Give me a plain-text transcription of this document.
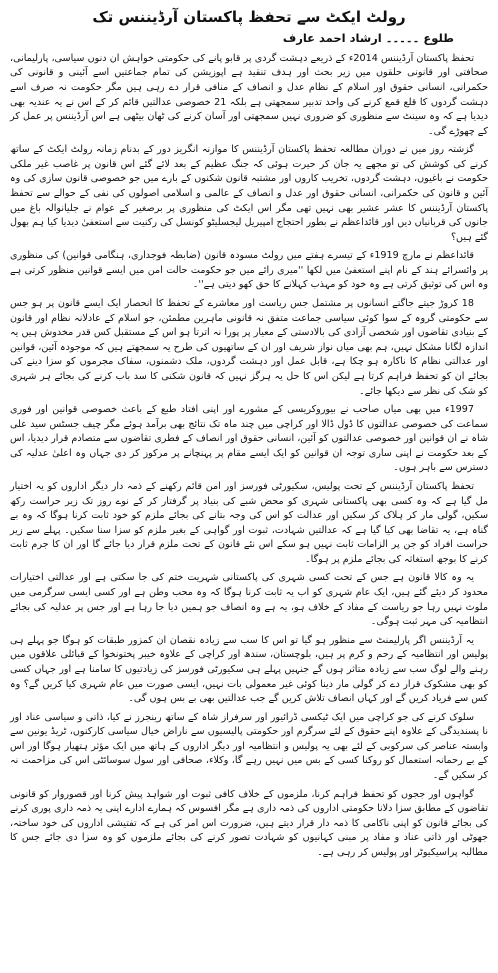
رولٹ ایکٹ سے تحفظ پاکستان آرڈیننس تک
طلوع۔۔۔۔۔ارشاد احمد عارف

تحفظ پاکستان آرڈیننس 2014ء کے ذریعے دہشت گردی پر قابو پانے کی حکومتی خواہش ان دنوں سیاسی، پارلیمانی، صحافتی اور قانونی حلقوں میں زیر بحث اور ہدف تنقید ہے اپوزیشن کی تمام جماعتیں اسے آئینی و قانونی کی حکمرانی، انسانی حقوق اور اسلام کے نظام عدل و انصاف کے منافی قرار دے رہی ہیں مگر حکومت نہ صرف اسے دہشت گردوں کا قلع قمع کرنے کی واحد تدبیر سمجھتی ہے بلکہ 21 خصوصی عدالتیں قائم کر کے اس نے یہ عندیہ بھی دیدیا ہے کہ وہ سینٹ سے منظوری کو ضروری نہیں سمجھتی اور آسان کرنے کی ٹھان بیٹھی ہے اس آرڈیننس پر عمل کر کے چھوڑے گی۔

گزشتہ روز میں نے دوران مطالعہ تحفظ پاکستان آرڈیننس کا موازنہ انگریز دور کے بدنام زمانہ رولٹ ایکٹ کے ساتھ کرنے کی کوشش کی تو مجھے یہ جان کر حیرت ہوئی کہ جنگ عظیم کے بعد لائے گئے اس قانون پر غاصب غیر ملکی حکومت نے باغیوں، دہشت گردوں، تخریب کاروں اور مشتبہ قانون شکنوں کے بارے میں جو خصوصی قانون سازی کی وہ آئین و قانون کی حکمرانی، انسانی حقوق اور عدل و انصاف کے عالمی و اسلامی اصولوں کی نفی کے حوالے سے تحفظ پاکستان آرڈیننس کا عشر عشیر بھی نہیں تھی مگر اس ایکٹ کی منظوری پر برصغیر کے عوام نے جلیانوالہ باغ میں جانوں کی قربانیاں دیں اور قائداعظم نے بطور احتجاج امپیریل لیجسلیٹو کونسل کی رکنیت سے استعفیٰ دیدیا کیا ہم بھول گئے ہیں؟

قائداعظم نے مارچ 1919ء کے تیسرے ہفتے میں رولٹ مسودہ قانون (ضابطہ فوجداری، ہنگامی قوانین) کی منظوری پر وائسرائے ہند کے نام اپنے استعفیٰ میں لکھا ''میری رائے میں جو حکومت حالت امن میں ایسے قوانین منظور کرتی ہے وہ اس کی توثیق کرتی ہے وہ خود کو مہذب کہلانے کا حق کھو دیتی ہے''۔

18 کروڑ جیتے جاگتے انسانوں پر مشتمل جس ریاست اور معاشرے کے تحفظ کا انحصار ایک ایسے قانون پر ہو جس سے حکومتی گروہ کے سوا کوئی سیاسی جماعت متفق نہ قانونی ماہرین مطمئن، جو اسلام کے عادلانہ نظام اور قانون کے بنیادی تقاضوں اور شخصی آزادی کی بالادستی کے معیار پر پورا نہ اترتا ہو اس کے مستقبل کس قدر مخدوش ہیں یہ اندازہ لگانا مشکل نہیں، ہم بھی میاں نواز شریف اور ان کے ساتھیوں کی طرح یہ سمجھتے ہیں کہ موجودہ آئین، قوانین اور عدالتی نظام کا ناکارہ ہو چکا ہے، قابل عمل اور دہشت گردوں، ملک دشمنوں، سفاک مجرموں کو سزا دینے کی بجائے ان کو تحفظ فراہم کرتا ہے لیکن اس کا حل یہ ہرگز نہیں کہ قانون شکنی کا سد باب کرنے کی بجائے ہر شہری کو شک کی نظر سے دیکھا جائے۔

1997ء میں بھی میاں صاحب نے بیوروکریسی کے مشورے اور اپنی افتاد طبع کے باعث خصوصی قوانین اور فوری سماعت کی خصوصی عدالتوں کا ڈول ڈالا اور کراچی میں چند ماہ تک نتائج بھی برآمد ہوئے مگر چیف جسٹس سید علی شاہ نے ان قوانین اور خصوصی عدالتوں کو آئین، انسانی حقوق اور انصاف کے فطری تقاضوں سے متصادم قرار دیدیا، اس کے بعد حکومت نے اپنی ساری توجہ ان قوانین کو ایک ایسے مقام پر پہنچانے پر مرکوز کر دی جہاں وہ اعلیٰ عدلیہ کی دسترس سے باہر ہوں۔

تحفظ پاکستان آرڈیننس کے تحت پولیس، سکیورٹی فورسز اور امن قائم رکھنے کے ذمہ دار دیگر اداروں کو یہ اختیار مل گیا ہے کہ وہ کسی بھی پاکستانی شہری کو محض شبے کی بنیاد پر گرفتار کر کے نوے روز تک زیر حراست رکھ سکیں، گولی مار کر ہلاک کر سکیں اور عدالت کو اس کی وجہ بتانے کی بجائے ملزم کو خود ثابت کرنا ہوگا کہ وہ بے گناہ ہے، یہ تقاضا بھی کیا گیا ہے کہ عدالتیں شہادت، ثبوت اور گواہی کے بغیر ملزم کو سزا سنا سکیں۔ پہلے سے زیر حراست افراد کو جن پر الزامات ثابت نہیں ہو سکے اس نئے قانون کے تحت ملزم قرار دیا جائے گا اور ان کا جرم ثابت کرنے کا بوجھ استغاثہ کی بجائے ملزم پر ہوگا۔

یہ وہ کالا قانون ہے جس کے تحت کسی شہری کی پاکستانی شہریت ختم کی جا سکتی ہے اور عدالتی اختیارات محدود کر دیئے گئے ہیں، ایک عام شہری کو اب یہ ثابت کرنا ہوگا کہ وہ محب وطن ہے اور کسی ایسی سرگرمی میں ملوث نہیں رہا جو ریاست کے مفاد کے خلاف ہو، یہ ہے وہ انصاف جو ہمیں دیا جا رہا ہے اور جس پر عدلیہ کی بجائے انتظامیہ کی مہر ثبت ہوگی۔

یہ آرڈیننس اگر پارلیمنٹ سے منظور ہو گیا تو اس کا سب سے زیادہ نقصان ان کمزور طبقات کو ہوگا جو پہلے ہی پولیس اور انتظامیہ کے رحم و کرم پر ہیں، بلوچستان، سندھ اور کراچی کے علاوہ خیبر پختونخوا کے قبائلی علاقوں میں رہنے والے لوگ سب سے زیادہ متاثر ہوں گے جنہیں پہلے ہی سکیورٹی فورسز کی زیادتیوں کا سامنا ہے اور جہاں کسی کو بھی مشکوک قرار دے کر گولی مار دینا کوئی غیر معمولی بات نہیں، ایسی صورت میں عام شہری کیا کریں گے؟ وہ کس سے فریاد کریں گے اور کہاں انصاف تلاش کریں گے جب عدالتیں بھی بے بس ہوں گی۔

سلوک کرنے کی جو کراچی میں ایک ٹیکسی ڈرائیور اور سرفراز شاہ کے ساتھ رینجرز نے کیا، ذاتی و سیاسی عناد اور نا پسندیدگی کے علاوہ اپنے حقوق کے لئے سرگرم اور حکومتی پالیسیوں سے ناراض خیال سیاسی کارکنوں، ٹریڈ یونین سے وابستہ عناصر کی سرکوبی کے لئے بھی یہ پولیس و انتظامیہ اور دیگر اداروں کے ہاتھ میں ایک مؤثر ہتھیار ہوگا اور اس کے بے رحمانہ استعمال کو روکنا کسی کے بس میں نہیں رہے گا، وکلاء، صحافی اور سول سوسائٹی اس کی مزاحمت نہ کر سکیں گے۔

گواہوں اور ججوں کو تحفظ فراہم کرنا، ملزموں کے خلاف کافی ثبوت اور شواہد پیش کرنا اور قصوروار کو قانونی تقاضوں کے مطابق سزا دلانا حکومتی اداروں کی ذمہ داری ہے مگر افسوس کہ ہمارے ادارے اپنی یہ ذمہ داری پوری کرنے کی بجائے قانون کو اپنی ناکامی کا ذمہ دار قرار دیتے ہیں، ضرورت اس امر کی ہے کہ تفتیشی اداروں کی خود ساختہ، جھوٹی اور ذاتی عناد و مفاد پر مبنی کہانیوں کو شہادت تصور کرنے کی بجائے ملزموں کو وہ سزا دی جائے جس کا مطالبہ پراسیکیوٹر اور پولیس کر رہی ہے۔
